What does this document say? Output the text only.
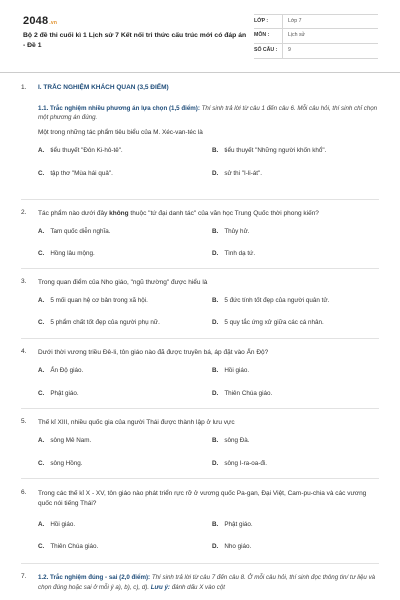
2048.vn
Bộ 2 đề thi cuối kì 1 Lịch sử 7 Kết nối tri thức cấu trúc mới có đáp án - Đề 1
LỚP :	Lớp 7
MÔN :	Lịch sử
SỐ CÂU :	9
1. I. TRẮC NGHIỆM KHÁCH QUAN (3,5 ĐIỂM)
1.1. Trắc nghiệm nhiều phương án lựa chọn (1,5 điểm): Thí sinh trả lời từ câu 1 đến câu 6. Mỗi câu hỏi, thí sinh chỉ chọn một phương án đúng.
Một trong những tác phẩm tiêu biểu của M. Xéc-van-téc là
A. tiểu thuyết "Đôn Ki-hô-tê".	B. tiểu thuyết "Những người khốn khổ".
C. tập thơ "Mùa hái quả".	D. sử thi "I-li-át".
2. Tác phẩm nào dưới đây không thuộc "tứ đại danh tác" của văn học Trung Quốc thời phong kiến?
A. Tam quốc diễn nghĩa.	B. Thủy hử.
C. Hồng lâu mộng.	D. Tình dạ tứ.
3. Trong quan điểm của Nho giáo, "ngũ thường" được hiểu là
A. 5 mối quan hệ cơ bản trong xã hội.	B. 5 đức tính tốt đẹp của người quân tử.
C. 5 phẩm chất tốt đẹp của người phụ nữ.	D. 5 quy tắc ứng xử giữa các cá nhân.
4. Dưới thời vương triều Đê-li, tôn giáo nào đã được truyền bá, áp đặt vào Ấn Độ?
A. Ấn Độ giáo.	B. Hồi giáo.
C. Phật giáo.	D. Thiên Chúa giáo.
5. Thế kỉ XIII, nhiều quốc gia của người Thái được thành lập ở lưu vực
A. sông Mê Nam.	B. sông Đà.
C. sông Hồng.	D. sông I-ra-oa-đi.
6. Trong các thế kỉ X - XV, tôn giáo nào phát triển rực rỡ ở vương quốc Pa-gan, Đại Việt, Cam-pu-chia và các vương quốc nói tiếng Thái?
A. Hồi giáo.	B. Phật giáo.
C. Thiên Chúa giáo.	D. Nho giáo.
7. 1.2. Trắc nghiệm đúng - sai (2,0 điểm): Thí sinh trả lời từ câu 7 đến câu 8. Ở mỗi câu hỏi, thí sinh đọc thông tin/ tư liệu và chọn đúng hoặc sai ở mỗi ý a), b), c), d). Lưu ý: đánh dấu X vào cột
